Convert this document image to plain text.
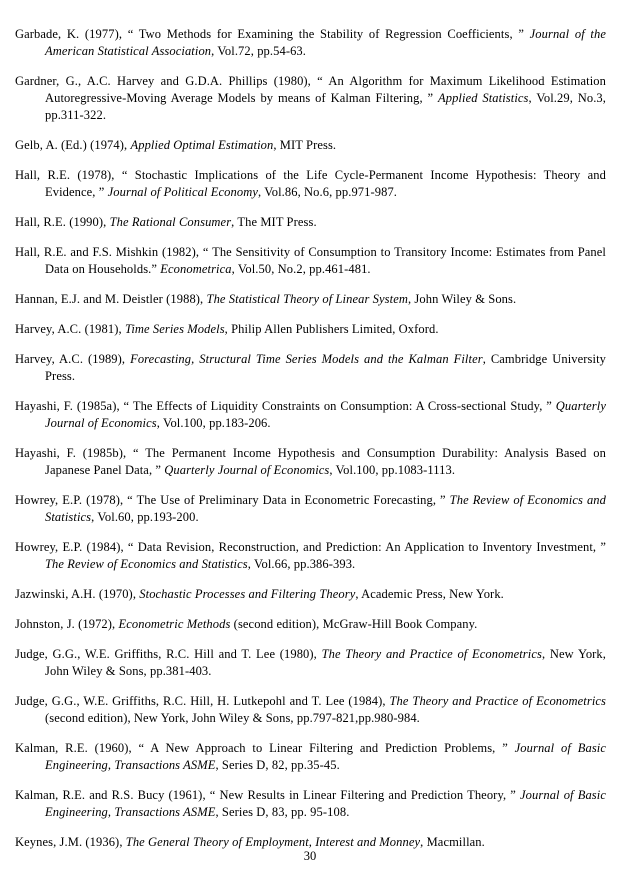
Garbade, K. (1977), “ Two Methods for Examining the Stability of Regression Coefficients, ” Journal of the American Statistical Association, Vol.72, pp.54-63.

Gardner, G., A.C. Harvey and G.D.A. Phillips (1980), “ An Algorithm for Maximum Likelihood Estimation Autoregressive-Moving Average Models by means of Kalman Filtering, ” Applied Statistics, Vol.29, No.3, pp.311-322.

Gelb, A. (Ed.) (1974), Applied Optimal Estimation, MIT Press.

Hall, R.E. (1978), “ Stochastic Implications of the Life Cycle-Permanent Income Hypothesis: Theory and Evidence, ” Journal of Political Economy, Vol.86, No.6, pp.971-987.

Hall, R.E. (1990), The Rational Consumer, The MIT Press.

Hall, R.E. and F.S. Mishkin (1982), “ The Sensitivity of Consumption to Transitory Income: Estimates from Panel Data on Households.” Econometrica, Vol.50, No.2, pp.461-481.

Hannan, E.J. and M. Deistler (1988), The Statistical Theory of Linear System, John Wiley & Sons.

Harvey, A.C. (1981), Time Series Models, Philip Allen Publishers Limited, Oxford.

Harvey, A.C. (1989), Forecasting, Structural Time Series Models and the Kalman Filter, Cambridge University Press.

Hayashi, F. (1985a), “ The Effects of Liquidity Constraints on Consumption: A Cross-sectional Study, ” Quarterly Journal of Economics, Vol.100, pp.183-206.

Hayashi, F. (1985b), “ The Permanent Income Hypothesis and Consumption Durability: Analysis Based on Japanese Panel Data, ” Quarterly Journal of Economics, Vol.100, pp.1083-1113.

Howrey, E.P. (1978), “ The Use of Preliminary Data in Econometric Forecasting, ” The Review of Economics and Statistics, Vol.60, pp.193-200.

Howrey, E.P. (1984), “ Data Revision, Reconstruction, and Prediction: An Application to Inventory Investment, ” The Review of Economics and Statistics, Vol.66, pp.386-393.

Jazwinski, A.H. (1970), Stochastic Processes and Filtering Theory, Academic Press, New York.

Johnston, J. (1972), Econometric Methods (second edition), McGraw-Hill Book Company.

Judge, G.G., W.E. Griffiths, R.C. Hill and T. Lee (1980), The Theory and Practice of Econometrics, New York, John Wiley & Sons, pp.381-403.

Judge, G.G., W.E. Griffiths, R.C. Hill, H. Lutkepohl and T. Lee (1984), The Theory and Practice of Econometrics (second edition), New York, John Wiley & Sons, pp.797-821,pp.980-984.

Kalman, R.E. (1960), “ A New Approach to Linear Filtering and Prediction Problems, ” Journal of Basic Engineering, Transactions ASME, Series D, 82, pp.35-45.

Kalman, R.E. and R.S. Bucy (1961), “ New Results in Linear Filtering and Prediction Theory, ” Journal of Basic Engineering, Transactions ASME, Series D, 83, pp. 95-108.

Keynes, J.M. (1936), The General Theory of Employment, Interest and Monney, Macmillan.

30
